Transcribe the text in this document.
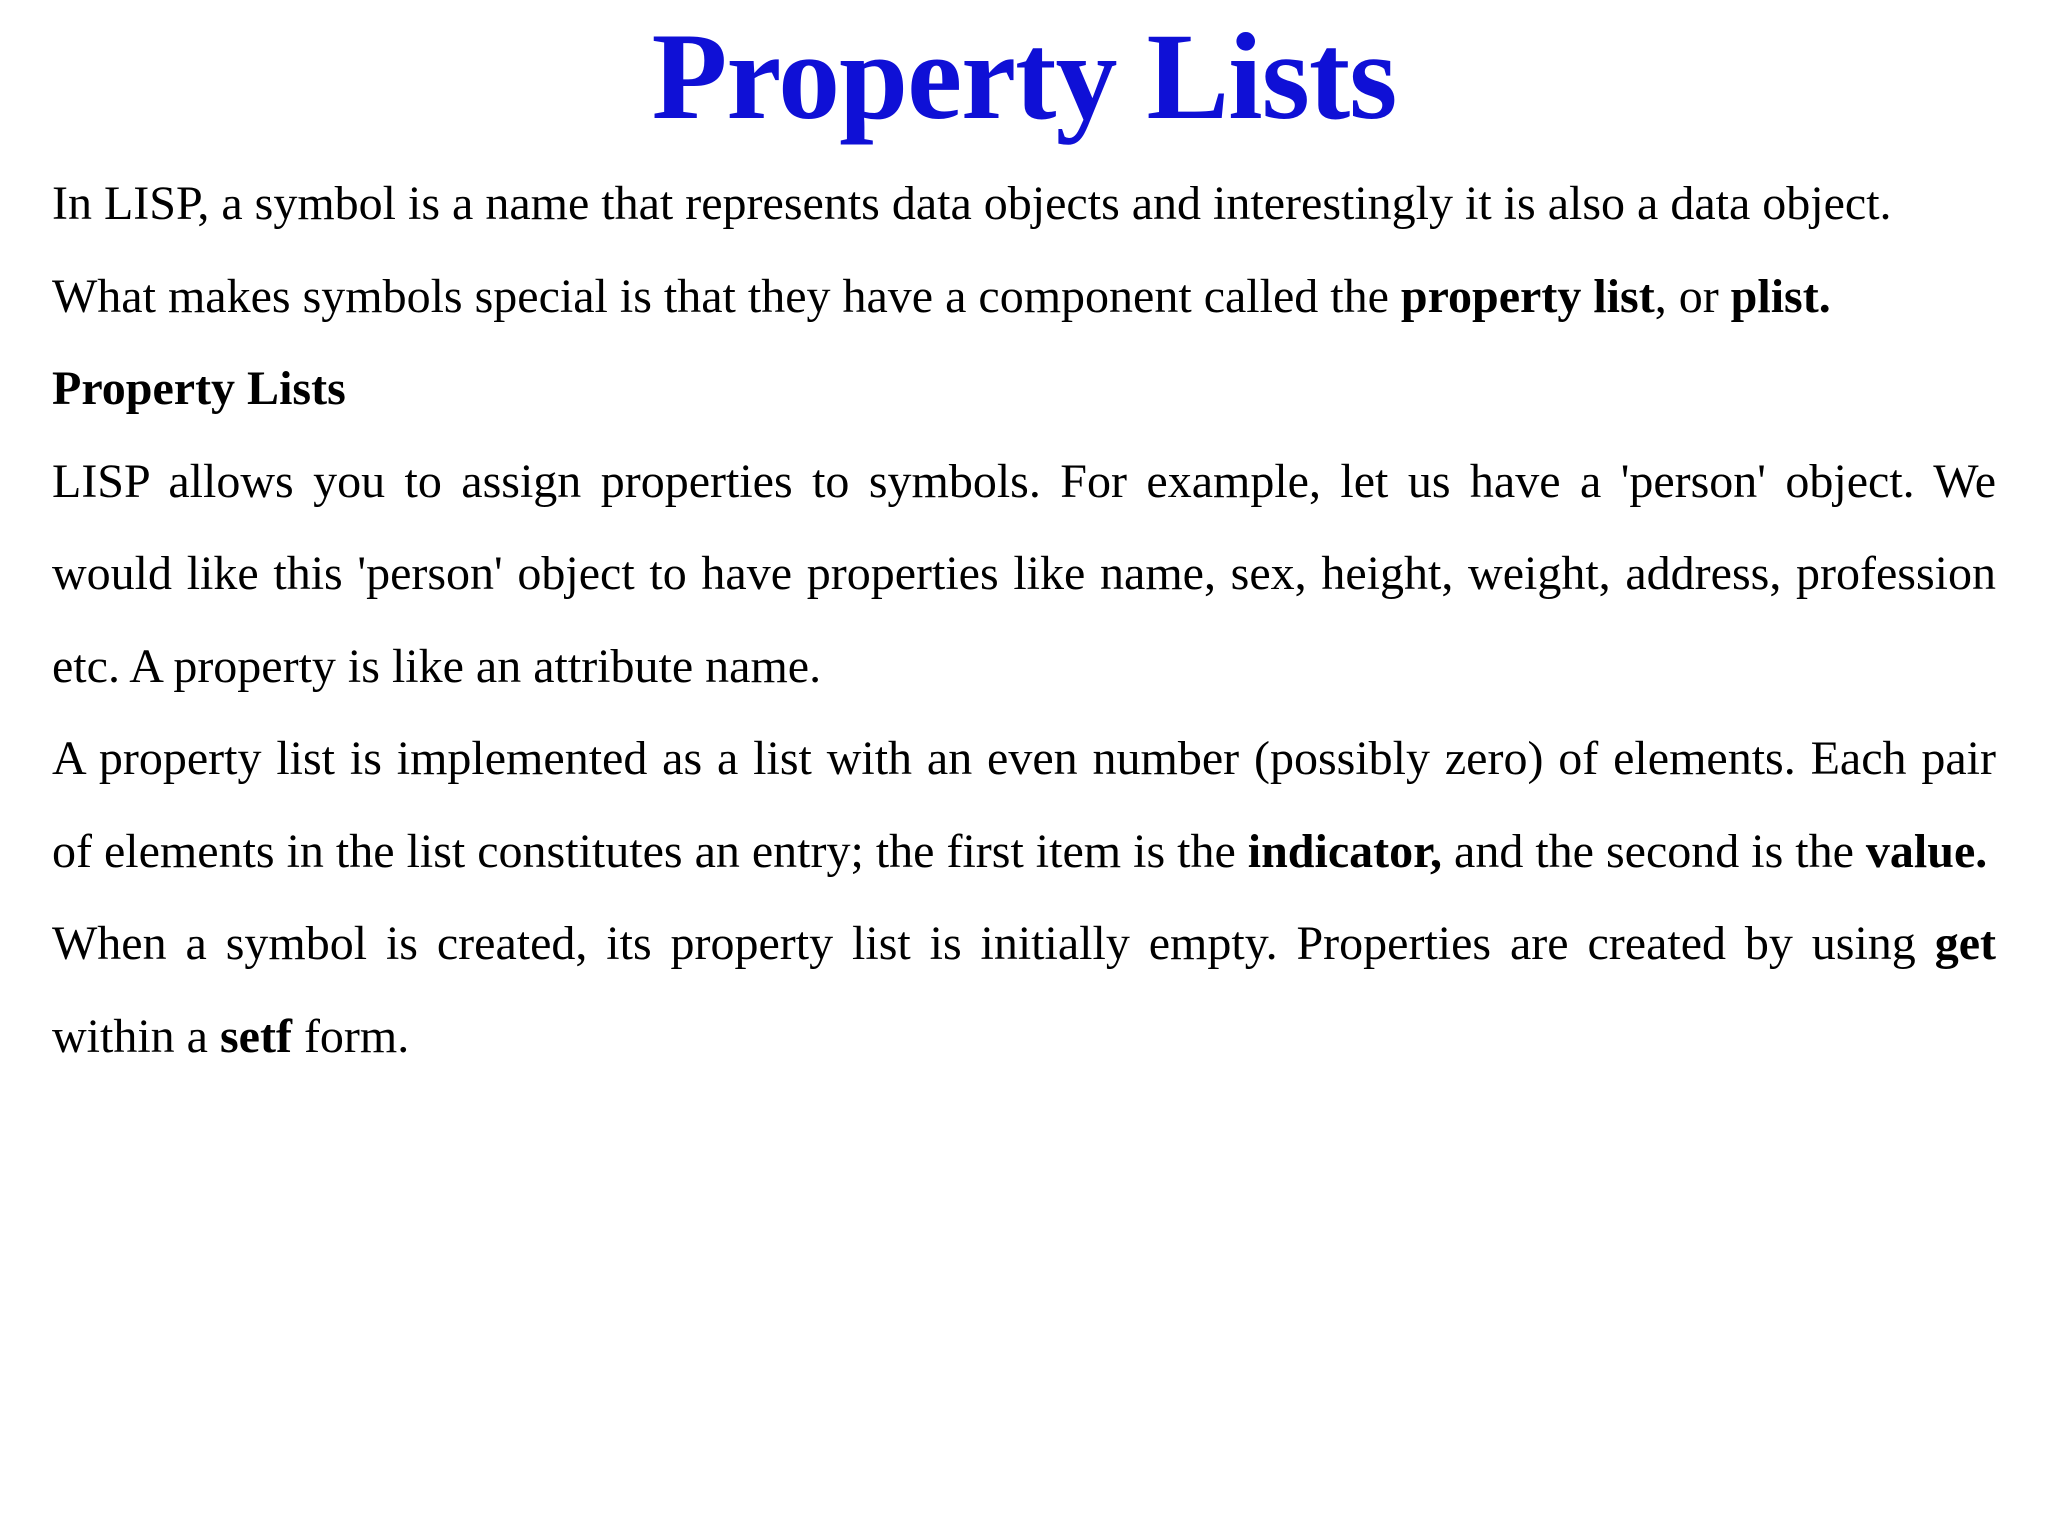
Property Lists

In LISP, a symbol is a name that represents data objects and interestingly it is also a data object.

What makes symbols special is that they have a component called the property list, or plist.

Property Lists

LISP allows you to assign properties to symbols. For example, let us have a 'person' object. We would like this 'person' object to have properties like name, sex, height, weight, address, profession etc. A property is like an attribute name.

A property list is implemented as a list with an even number (possibly zero) of elements. Each pair of elements in the list constitutes an entry; the first item is the indicator, and the second is the value.

When a symbol is created, its property list is initially empty. Properties are created by using get within a setf form.
